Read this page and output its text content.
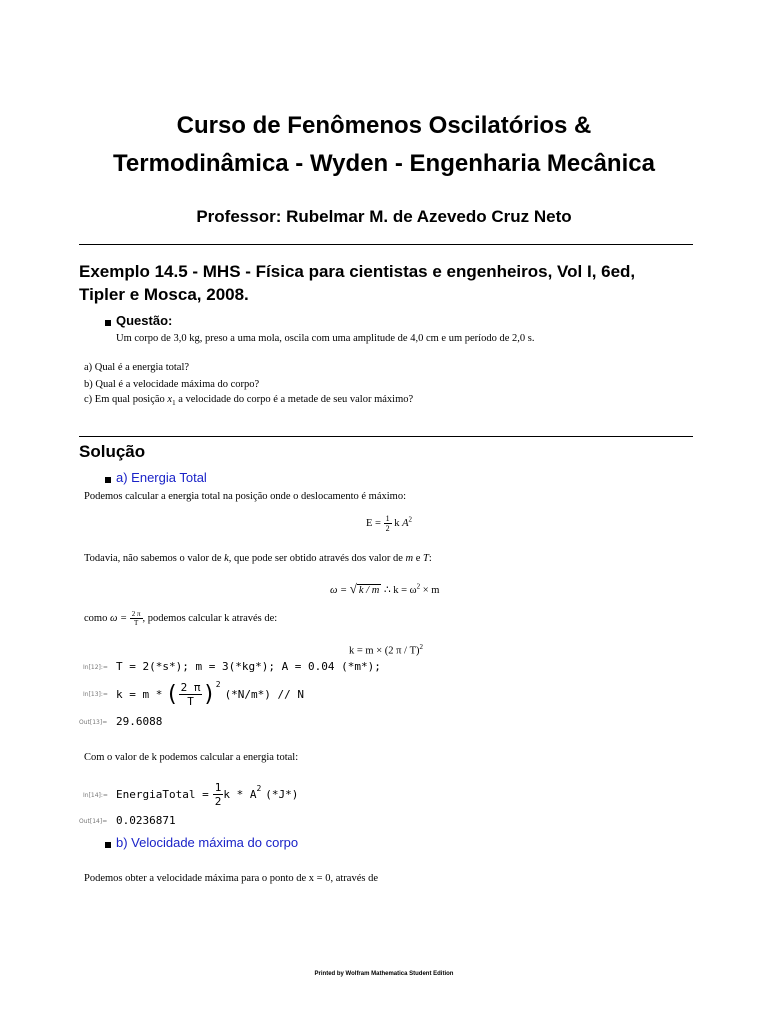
Curso de Fenômenos Oscilatórios &
Termodinâmica - Wyden - Engenharia Mecânica
Professor: Rubelmar M. de Azevedo Cruz Neto
Exemplo 14.5 - MHS - Física para cientistas e engenheiros, Vol I, 6ed,
Tipler e Mosca, 2008.
Questão:
Um corpo de 3,0 kg, preso a uma mola, oscila com uma amplitude de 4,0 cm e um período de 2,0 s.
a) Qual é a energia total?
b) Qual é a velocidade máxima do corpo?
c) Em qual posição $x_1$ a velocidade do corpo é a metade de seu valor máximo?
Solução
a) Energia Total
Podemos calcular a energia total na posição onde o deslocamento é máximo:
$E = \frac{1}{2}$ k $A^2$
Todavia, não sabemos o valor de k, que pode ser obtido através dos valor de m e T:
ω = √ k / m ∴ $k = \omega^2 \times m$
como $\omega = \frac{2 \pi}{T}$ , podemos calcular k através de:
k = m × (2 π / T)$^2$
In[12]:= T = 2(*s*); m = 3(*kg*); A = 0.04 (*m*);
In[13]:= k = m * ( $\frac{2 \pi}{T} )^2$
(*N/m*) // N
Out[13]= 29.6088
Com o valor de k podemos calcular a energia total:
In[14]:= EnergiaTotal = $\frac{1}{2}$ k * $A^2$ (*J*)
Out[14]= 0.0236871
b) Velocidade máxima do corpo
Podemos obter a velocidade máxima para o ponto de x = 0, através de
Printed by Wolfram Mathematica Student Edition
